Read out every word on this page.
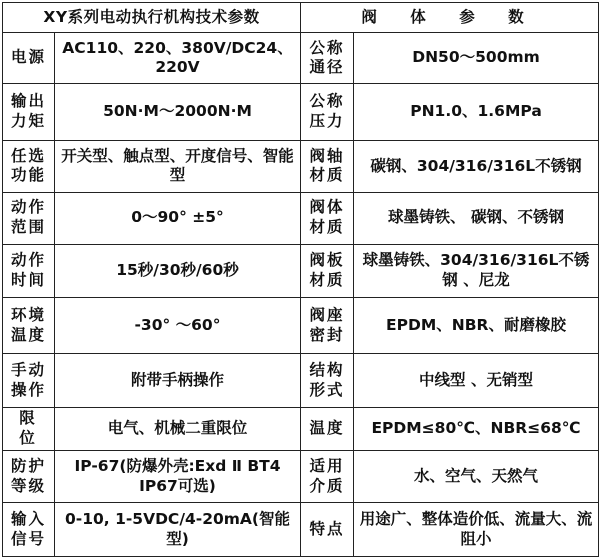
XY系列电动执行机构技术参数		阀 体 参 数	
电源	AC110、220、380V/DC24、220V	公称通径	DN50～500mm
输出力矩	50N·M～2000N·M	公称压力	PN1.0、1.6MPa
任选功能	开关型、触点型、开度信号、智能型	阀轴材质	碳钢、304/316/316L不锈钢
动作范围	0～90° ±5°	阀体材质	球墨铸铁、 碳钢、不锈钢
动作时间	15秒/30秒/60秒	阀板材质	球墨铸铁、304/316/316L不锈钢 、尼龙
环境温度	-30° ～60°	阀座密封	EPDM、NBR、耐磨橡胶
手动操作	附带手柄操作	结构形式	中线型 、无销型
限 位	电气、机械二重限位	温度	EPDM≤80℃、NBR≤68℃
防护等级	IP-67(防爆外壳:Exd Ⅱ BT4 IP67可选)	适用介质	水、空气、天然气
输入信号	0-10, 1-5VDC/4-20mA(智能型)	特点	用途广、整体造价低、流量大、流阻小
